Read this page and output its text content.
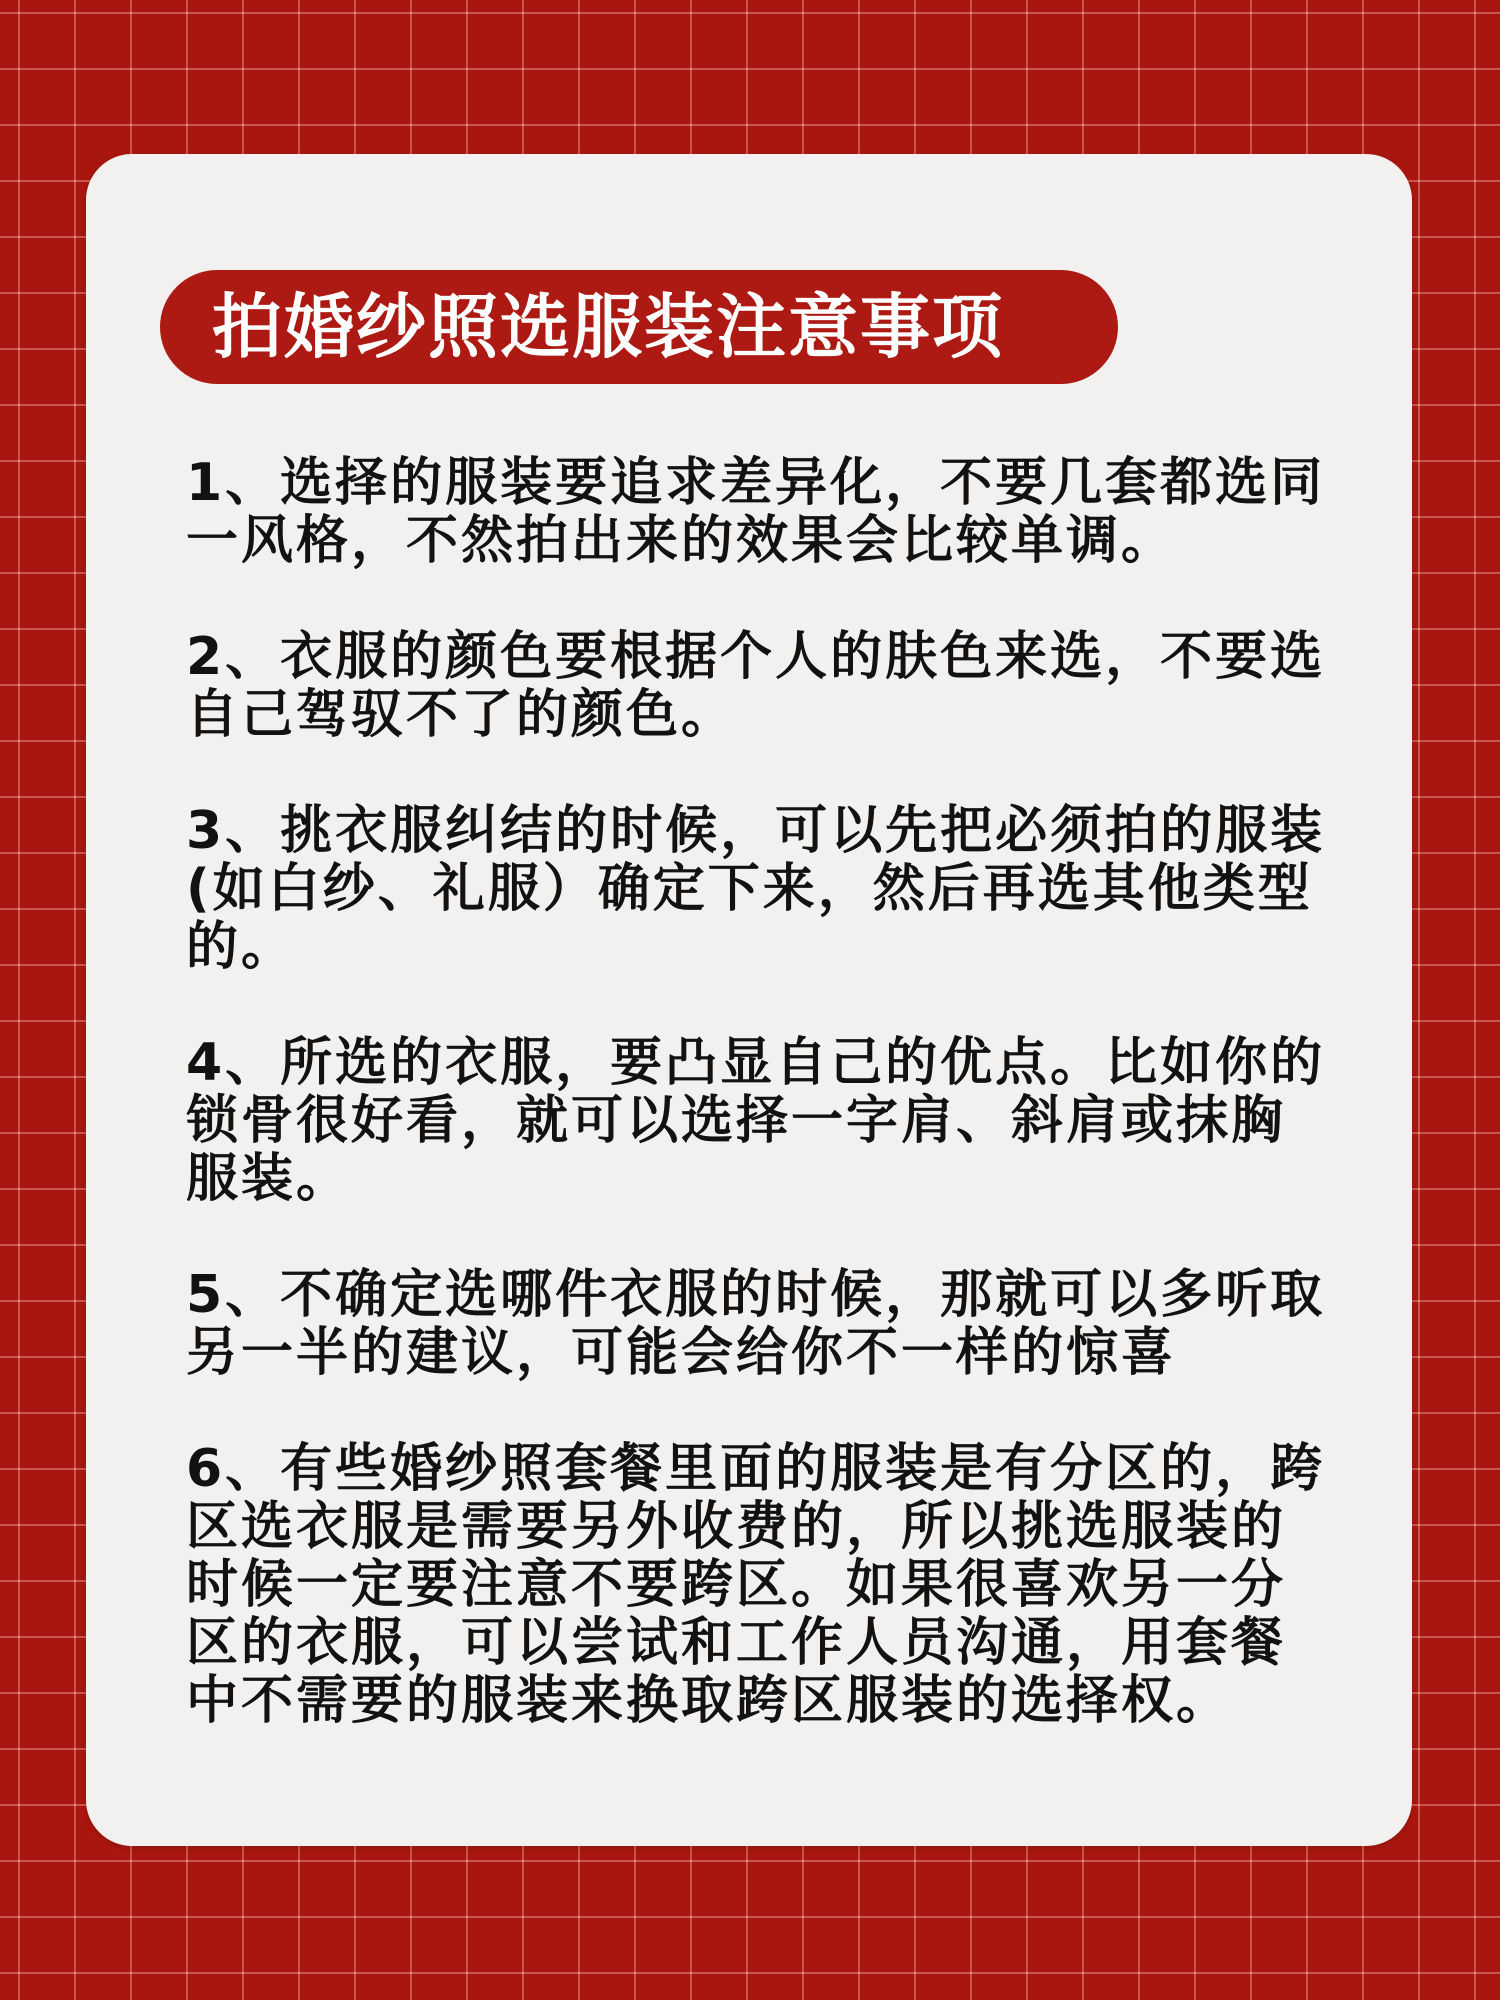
拍婚纱照选服装注意事项
1、选择的服装要追求差异化，不要几套都选同一风格，不然拍出来的效果会比较单调。
2、衣服的颜色要根据个人的肤色来选，不要选自己驾驭不了的颜色。
3、挑衣服纠结的时候，可以先把必须拍的服装(如白纱、礼服）确定下来，然后再选其他类型的。
4、所选的衣服，要凸显自己的优点。比如你的锁骨很好看，就可以选择一字肩、斜肩或抹胸服装。
5、不确定选哪件衣服的时候，那就可以多听取另一半的建议，可能会给你不一样的惊喜
6、有些婚纱照套餐里面的服装是有分区的，跨区选衣服是需要另外收费的，所以挑选服装的时候一定要注意不要跨区。如果很喜欢另一分区的衣服，可以尝试和工作人员沟通，用套餐中不需要的服装来换取跨区服装的选择权。
